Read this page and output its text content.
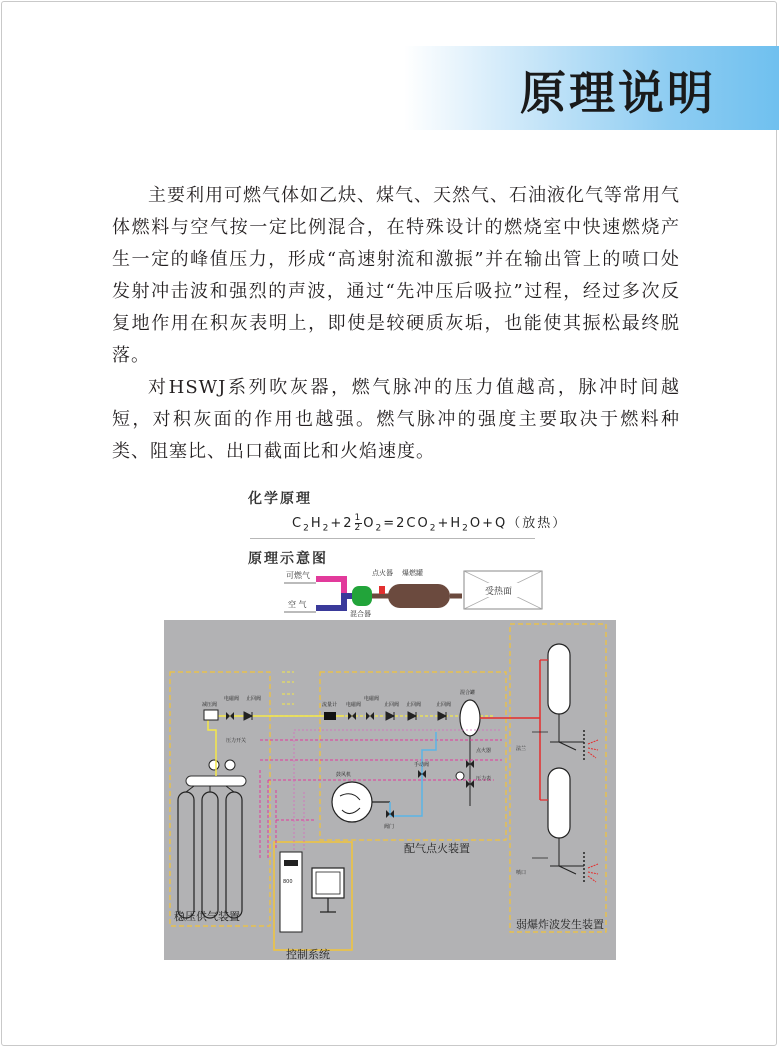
原理说明

主要利用可燃气体如乙炔、煤气、天然气、石油液化气等常用气体燃料与空气按一定比例混合，在特殊设计的燃烧室中快速燃烧产生一定的峰值压力，形成“高速射流和激振”并在输出管上的喷口处发射冲击波和强烈的声波，通过“先冲压后吸拉”过程，经过多次反复地作用在积灰表明上，即使是较硬质灰垢，也能使其振松最终脱落。

对HSWJ系列吹灰器，燃气脉冲的压力值越高，脉冲时间越短，对积灰面的作用也越强。燃气脉冲的强度主要取决于燃料种类、阻塞比、出口截面比和火焰速度。

化学原理
$C_2H_2+2 \frac{1}{2} O_2=2CO_2+H_2O+Q$（放热）
原理示意图
可燃气
空 气
混合器
点火器 爆燃罐
受热面
800
减压阀
电磁阀 止回阀
压力开关
流量计 电磁阀
电磁阀
止回阀 止回阀
混合罐
鼓风机
止回阀
手动阀
点火器
压力表
阀门
法兰
喷口
稳压供气装置
配气点火装置
控制系统
弱爆炸波发生装置
